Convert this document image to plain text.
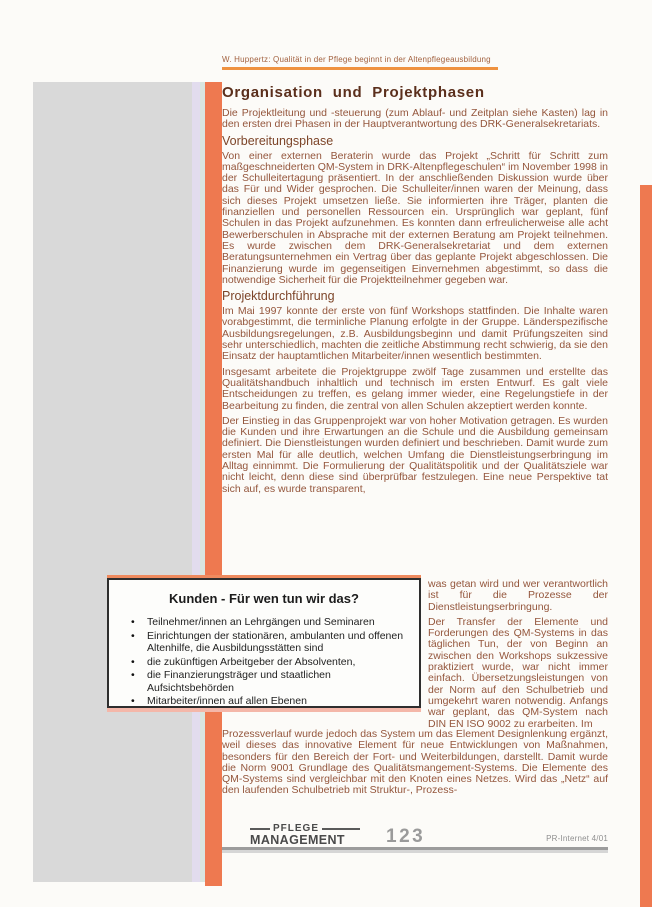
W. Huppertz: Qualität in der Pflege beginnt in der Altenpflegeausbildung
Organisation und Projektphasen

Die Projektleitung und -steuerung (zum Ablauf- und Zeitplan siehe Kasten) lag in den ersten drei Phasen in der Hauptverantwortung des DRK-Generalsekretariats.

Vorbereitungsphase

Von einer externen Beraterin wurde das Projekt „Schritt für Schritt zum maßgeschneiderten QM-System in DRK-Altenpflegeschulen“ im November 1998 in der Schulleitertagung präsentiert. In der anschließenden Diskussion wurde über das Für und Wider gesprochen. Die Schulleiter/innen waren der Meinung, dass sich dieses Projekt umsetzen ließe. Sie informierten ihre Träger, planten die finanziellen und personellen Ressourcen ein. Ursprünglich war geplant, fünf Schulen in das Projekt aufzunehmen. Es konnten dann erfreulicherweise alle acht Bewerberschulen in Absprache mit der externen Beratung am Projekt teilnehmen. Es wurde zwischen dem DRK-Generalsekretariat und dem externen Beratungsunternehmen ein Vertrag über das geplante Projekt abgeschlossen. Die Finanzierung wurde im gegenseitigen Einvernehmen abgestimmt, so dass die notwendige Sicherheit für die Projektteilnehmer gegeben war.

Projektdurchführung

Im Mai 1997 konnte der erste von fünf Workshops stattfinden. Die Inhalte waren vorabgestimmt, die terminliche Planung erfolgte in der Gruppe. Länderspezifische Ausbildungsregelungen, z.B. Ausbildungsbeginn und damit Prüfungszeiten sind sehr unterschiedlich, machten die zeitliche Abstimmung recht schwierig, da sie den Einsatz der hauptamtlichen Mitarbeiter/innen wesentlich bestimmten.

Insgesamt arbeitete die Projektgruppe zwölf Tage zusammen und erstellte das Qualitätshandbuch inhaltlich und technisch im ersten Entwurf. Es galt viele Entscheidungen zu treffen, es gelang immer wieder, eine Regelungstiefe in der Bearbeitung zu finden, die zentral von allen Schulen akzeptiert werden konnte.

Der Einstieg in das Gruppenprojekt war von hoher Motivation getragen. Es wurden die Kunden und ihre Erwartungen an die Schule und die Ausbildung gemeinsam definiert. Die Dienstleistungen wurden definiert und beschrieben. Damit wurde zum ersten Mal für alle deutlich, welchen Umfang die Dienstleistungserbringung im Alltag einnimmt. Die Formulierung der Qualitätspolitik und der Qualitätsziele war nicht leicht, denn diese sind überprüfbar festzulegen. Eine neue Perspektive tat sich auf, es wurde transparent,

was getan wird und wer verantwortlich ist für die Prozesse der Dienstleistungserbringung.

Der Transfer der Elemente und Forderungen des QM-Systems in das täglichen Tun, der von Beginn an zwischen den Workshops sukzessive praktiziert wurde, war nicht immer einfach. Übersetzungsleistungen von der Norm auf den Schulbetrieb und umgekehrt waren notwendig. Anfangs war geplant, das QM-System nach DIN EN ISO 9002 zu erarbeiten. Im

Prozessverlauf wurde jedoch das System um das Element Designlenkung ergänzt, weil dieses das innovative Element für neue Entwicklungen von Maßnahmen, besonders für den Bereich der Fort- und Weiterbildungen, darstellt. Damit wurde die Norm 9001 Grundlage des Qualitätsmangement-Systems. Die Elemente des QM-Systems sind vergleichbar mit den Knoten eines Netzes. Wird das „Netz“ auf den laufenden Schulbetrieb mit Struktur-, Prozess-

Kunden - Für wen tun wir das?
•	Teilnehmer/innen an Lehrgängen und Seminaren
•	Einrichtungen der stationären, ambulanten und offenen Altenhilfe, die Ausbildungsstätten sind
•	die zukünftigen Arbeitgeber der Absolventen,
•	die Finanzierungsträger und staatlichen Aufsichtsbehörden
•	Mitarbeiter/innen auf allen Ebenen
PFLEGE
MANAGEMENT	123	PR-Internet 4/01
